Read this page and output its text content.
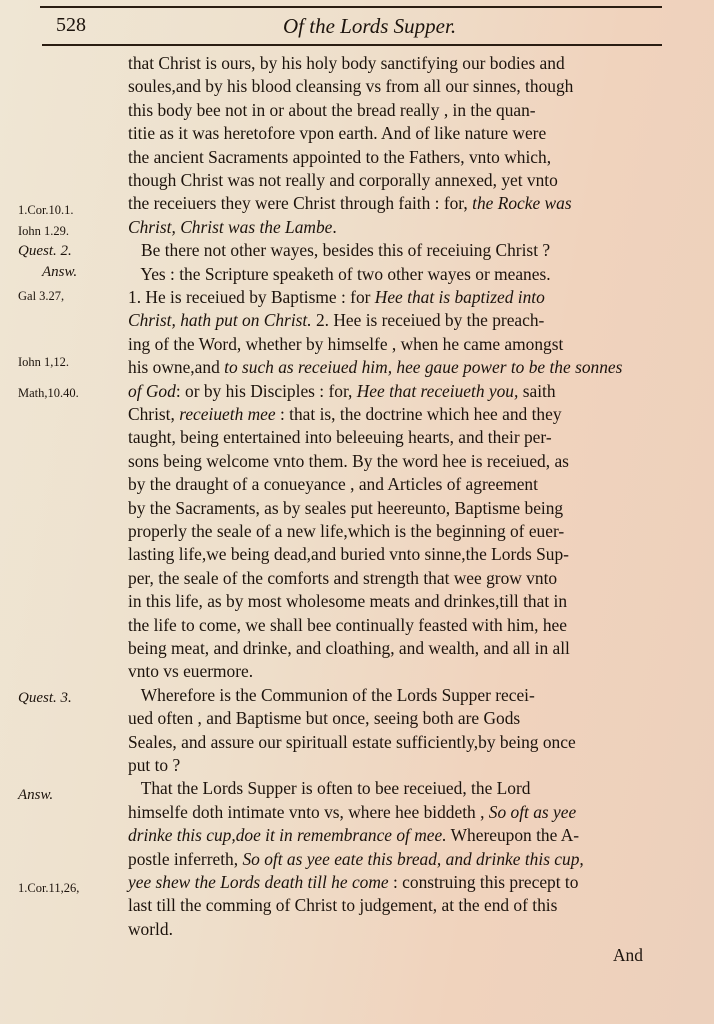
528	Of the Lords Supper.
1.Cor.10.1.
Iohn 1.29.
Quest. 2.
Answ.
Gal 3.27,
Iohn 1,12.
Math,10.40.
Quest. 3.
Answ.
1.Cor.11,26,
that Christ is ours, by his holy body sanctifying our bodies and
soules,and by his blood cleansing vs from all our sinnes, though
this body bee not in or about the bread really , in the quan-
titie as it was heretofore vpon earth. And of like nature were
the ancient Sacraments appointed to the Fathers, vnto which,
though Christ was not really and corporally annexed, yet vnto
the receiuers they were Christ through faith : for, the Rocke was
Christ, Christ was the Lambe.
Be there not other wayes, besides this of receiuing Christ ?
Yes : the Scripture speaketh of two other wayes or meanes.
1. He is receiued by Baptisme : for Hee that is baptized into
Christ, hath put on Christ. 2. Hee is receiued by the preach-
ing of the Word, whether by himselfe , when he came amongst
his owne,and to such as receiued him, hee gaue power to be the sonnes
of God: or by his Disciples : for, Hee that receiueth you, saith
Christ, receiueth mee : that is, the doctrine which hee and they
taught, being entertained into beleeuing hearts, and their per-
sons being welcome vnto them. By the word hee is receiued, as
by the draught of a conueyance , and Articles of agreement
by the Sacraments, as by seales put heereunto, Baptisme being
properly the seale of a new life,which is the beginning of euer-
lasting life,we being dead,and buried vnto sinne,the Lords Sup-
per, the seale of the comforts and strength that wee grow vnto
in this life, as by most wholesome meats and drinkes,till that in
the life to come, we shall bee continually feasted with him, hee
being meat, and drinke, and cloathing, and wealth, and all in all
vnto vs euermore.
Wherefore is the Communion of the Lords Supper recei-
ued often , and Baptisme but once, seeing both are Gods
Seales, and assure our spirituall estate sufficiently,by being once
put to ?
That the Lords Supper is often to bee receiued, the Lord
himselfe doth intimate vnto vs, where hee biddeth , So oft as yee
drinke this cup,doe it in remembrance of mee. Whereupon the A-
postle inferreth, So oft as yee eate this bread, and drinke this cup,
yee shew the Lords death till he come : construing this precept to
last till the comming of Christ to judgement, at the end of this
world.
And
